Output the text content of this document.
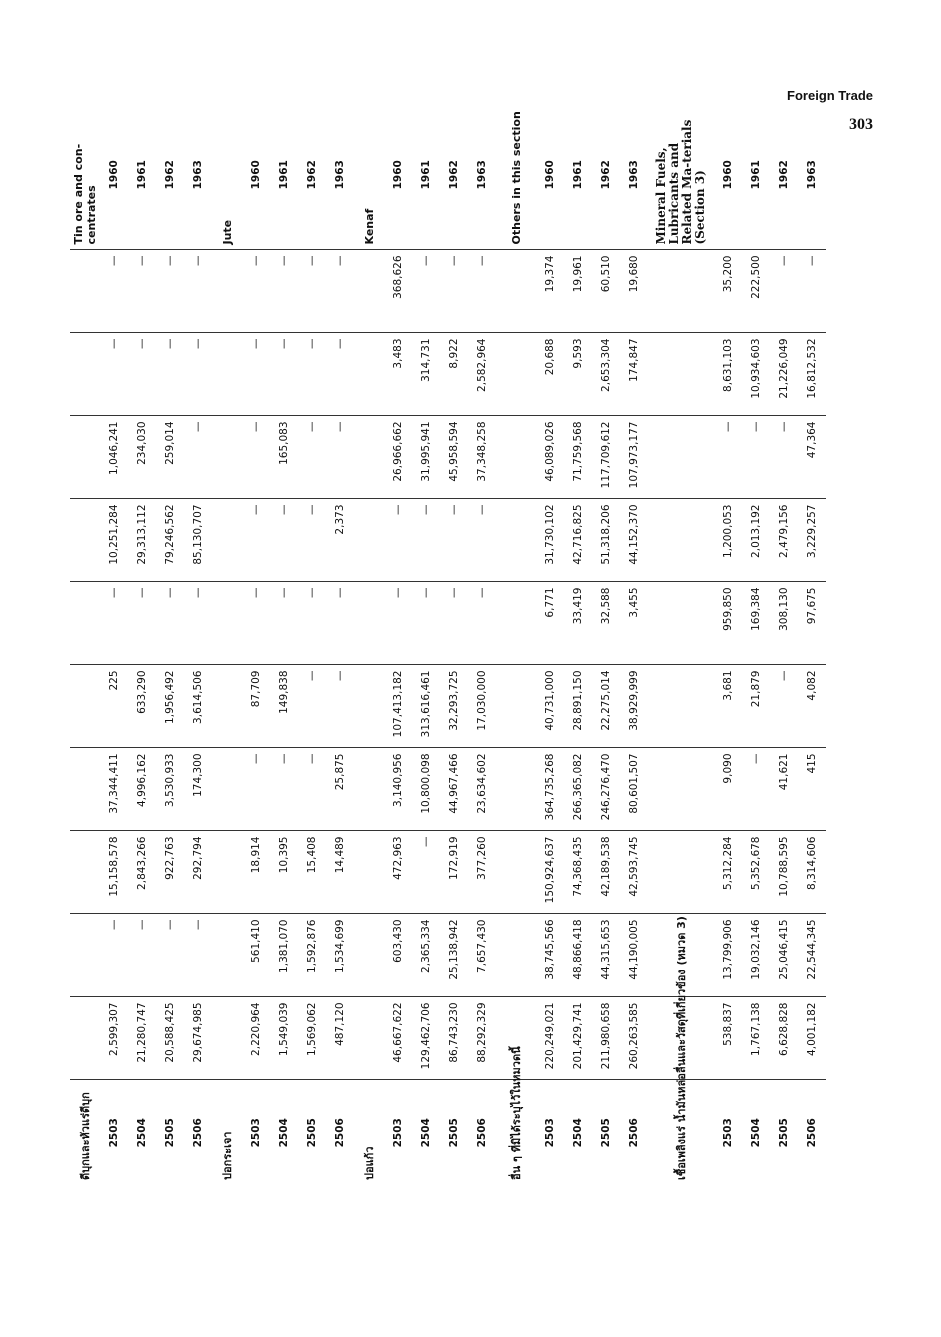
Foreign Trade
303
ดีบุกและหัวแร่ดีบุก											Tin ore and con-centrates
2503	2,599,307	—	15,158,578	37,344,411	225	—	10,251,284	1,046,241	—	—	1960
2504	21,280,747	—	2,843,266	4,996,162	633,290	—	29,313,112	234,030	—	—	1961
2505	20,588,425	—	922,763	3,530,933	1,956,492	—	79,246,562	259,014	—	—	1962
2506	29,674,985	—	292,794	174,300	3,614,506	—	85,130,707	—	—	—	1963
ปอกระเจา											Jute
2503	2,220,964	561,410	18,914	—	87,709	—	—	—	—	—	1960
2504	1,549,039	1,381,070	10,395	—	149,838	—	—	165,083	—	—	1961
2505	1,569,062	1,592,876	15,408	—	—	—	—	—	—	—	1962
2506	487,120	1,534,699	14,489	25,875	—	—	2,373	—	—	—	1963
ปอแก้ว											Kenaf
2503	46,667,622	603,430	472,963	3,140,956	107,413,182	—	—	26,966,662	3,483	368,626	1960
2504	129,462,706	2,365,334	—	10,800,098	313,616,461	—	—	31,995,941	314,731	—	1961
2505	86,743,230	25,138,942	172,919	44,967,466	32,293,725	—	—	45,958,594	8,922	—	1962
2506	88,292,329	7,657,430	377,260	23,634,602	17,030,000	—	—	37,348,258	2,582,964	—	1963
อื่น ๆ ที่มิได้ระบุไว้ในหมวดนี้											Others in this section
2503	220,249,021	38,745,566	150,924,637	364,735,268	40,731,000	6,771	31,730,102	46,089,026	20,688	19,374	1960
2504	201,429,741	48,866,418	74,368,435	266,365,082	28,891,150	33,419	42,716,825	71,759,568	9,593	19,961	1961
2505	211,980,658	44,315,653	42,189,538	246,276,470	22,275,014	32,588	51,318,206	117,709,612	2,653,304	60,510	1962
2506	260,263,585	44,190,005	42,593,745	80,601,507	38,929,999	3,455	44,152,370	107,973,177	174,847	19,680	1963
เชื้อเพลิงแร่ น้ำมันหล่อลื่นและวัสดุที่เกี่ยวข้อง (หมวด 3)											Mineral Fuels, Lubricants and Related Ma-terials (Section 3)
2503	538,837	13,799,906	5,312,284	9,090	3,681	959,850	1,200,053	—	8,631,103	35,200	1960
2504	1,767,138	19,032,146	5,352,678	—	21,879	169,384	2,013,192	—	10,934,603	222,500	1961
2505	6,628,828	25,046,415	10,788,595	41,621	—	308,130	2,479,156	—	21,226,049	—	1962
2506	4,001,182	22,544,345	8,314,606	415	4,082	97,675	3,229,257	47,364	16,812,532	—	1963
